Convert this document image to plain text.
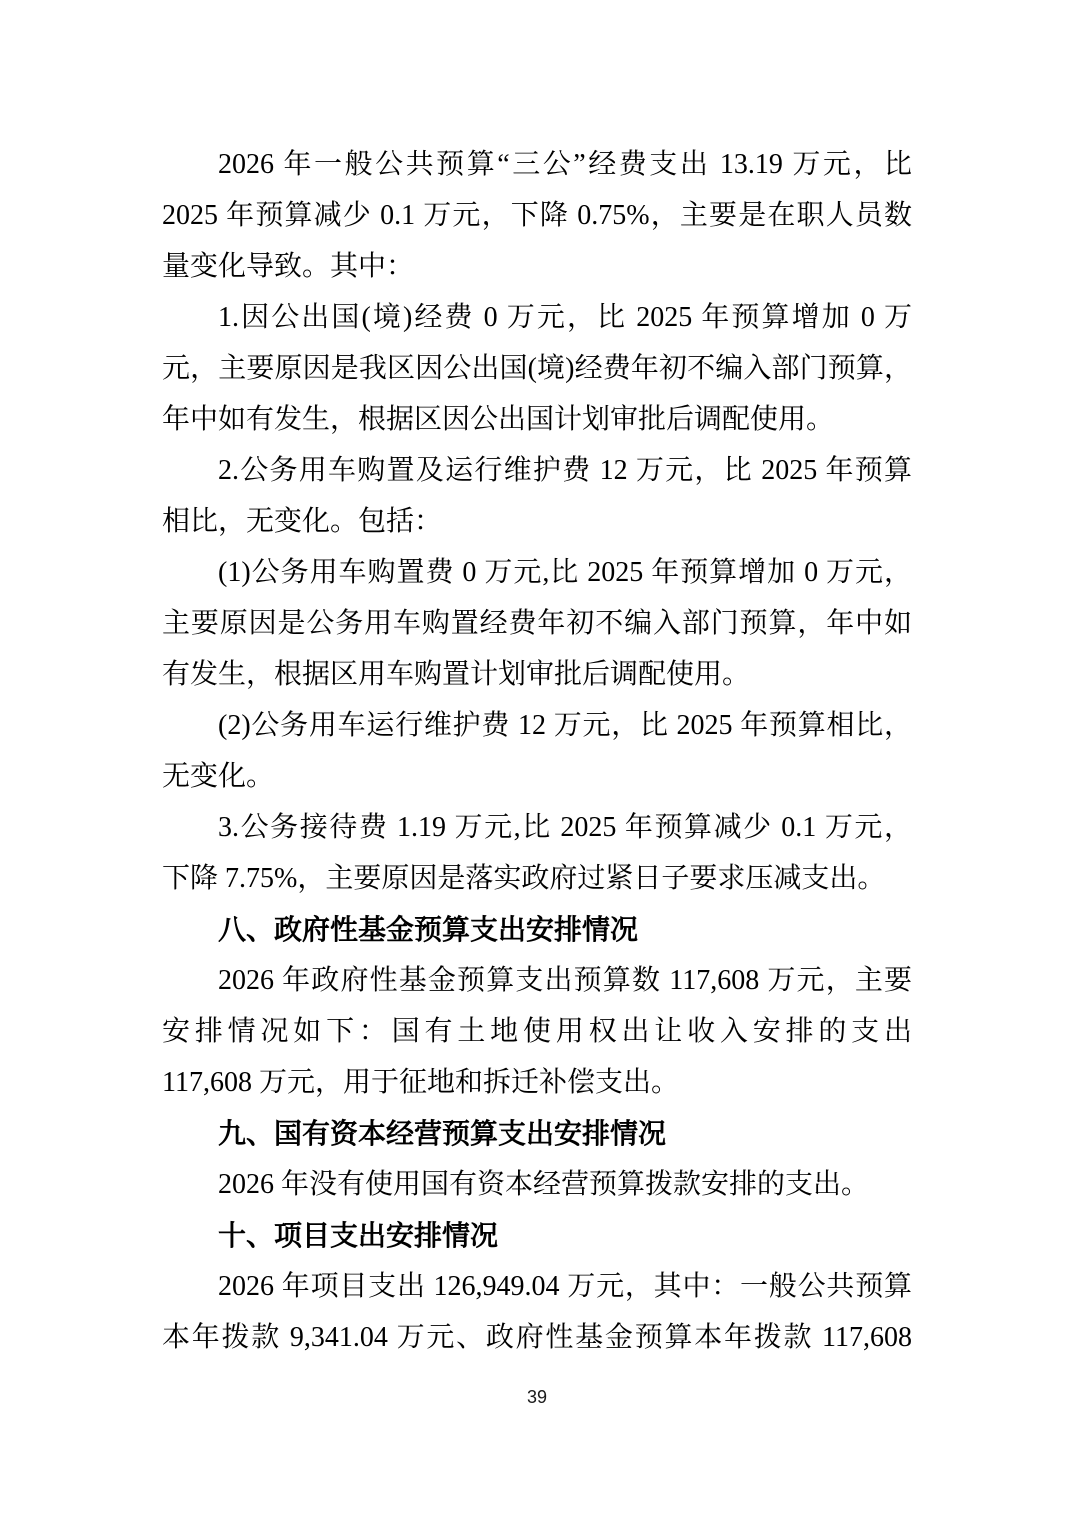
2026 年一般公共预算“三公”经费支出 13.19 万元，比
2025 年预算减少 0.1 万元，下降 0.75%，主要是在职人员数
量变化导致。其中：
1.因公出国(境)经费 0 万元，比 2025 年预算增加 0 万
元，主要原因是我区因公出国(境)经费年初不编入部门预算，
年中如有发生，根据区因公出国计划审批后调配使用。
2.公务用车购置及运行维护费 12 万元，比 2025 年预算
相比，无变化。包括：
(1)公务用车购置费 0 万元,比 2025 年预算增加 0 万元，
主要原因是公务用车购置经费年初不编入部门预算，年中如
有发生，根据区用车购置计划审批后调配使用。
(2)公务用车运行维护费 12 万元，比 2025 年预算相比，
无变化。
3.公务接待费 1.19 万元,比 2025 年预算减少 0.1 万元，
下降 7.75%，主要原因是落实政府过紧日子要求压减支出。
八、政府性基金预算支出安排情况
2026 年政府性基金预算支出预算数 117,608 万元，主要
安排情况如下：国有土地使用权出让收入安排的支出
117,608 万元，用于征地和拆迁补偿支出。
九、国有资本经营预算支出安排情况
2026 年没有使用国有资本经营预算拨款安排的支出。
十、项目支出安排情况
2026 年项目支出 126,949.04 万元，其中：一般公共预算
本年拨款 9,341.04 万元、政府性基金预算本年拨款 117,608
39
